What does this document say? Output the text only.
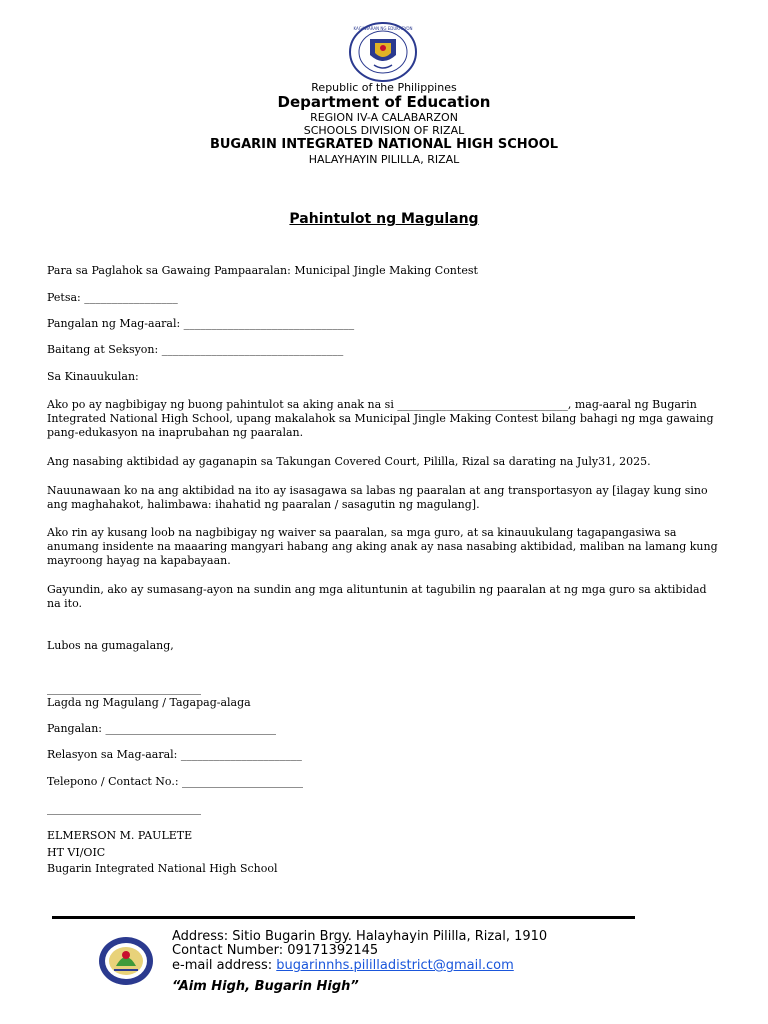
KAGAWARAN NG EDUKASYON
Republic of the Philippines
Department of Education
REGION IV-A CALABARZON
SCHOOLS DIVISION OF RIZAL
BUGARIN INTEGRATED NATIONAL HIGH SCHOOL
HALAYHAYIN PILILLA, RIZAL
Pahintulot ng Magulang
Para sa Paglahok sa Gawaing Pampaaralan: Municipal Jingle Making Contest
Petsa: _________________
Pangalan ng Mag-aaral: _______________________________
Baitang at Seksyon: _________________________________
Sa Kinauukulan:
Ako po ay nagbibigay ng buong pahintulot sa aking anak na si _______________________________, mag-aaral ng Bugarin Integrated National High School, upang makalahok sa Municipal Jingle Making Contest bilang bahagi ng mga gawaing pang-edukasyon na inaprubahan ng paaralan.
Ang nasabing aktibidad ay gaganapin sa Takungan Covered Court, Pililla, Rizal sa darating na July31, 2025.
Nauunawaan ko na ang aktibidad na ito ay isasagawa sa labas ng paaralan at ang transportasyon ay [ilagay kung sino ang maghahakot, halimbawa: ihahatid ng paaralan / sasagutin ng magulang].
Ako rin ay kusang loob na nagbibigay ng waiver sa paaralan, sa mga guro, at sa kinauukulang tagapangasiwa sa anumang insidente na maaaring mangyari habang ang aking anak ay nasa nasabing aktibidad, maliban na lamang kung mayroong hayag na kapabayaan.
Gayundin, ako ay sumasang-ayon na sundin ang mga alituntunin at tagubilin ng paaralan at ng mga guro sa aktibidad na ito.
Lubos na gumagalang,
____________________________
Lagda ng Magulang / Tagapag-alaga
Pangalan: _______________________________
Relasyon sa Mag-aaral: ______________________
Telepono / Contact No.: ______________________
____________________________
ELMERSON M. PAULETE
HT VI/OIC
Bugarin Integrated National High School
Address: Sitio Bugarin Brgy. Halayhayin Pililla, Rizal, 1910
Contact Number: 09171392145
e-mail address: bugarinnhs.pililladistrict@gmail.com
“Aim High, Bugarin High”
